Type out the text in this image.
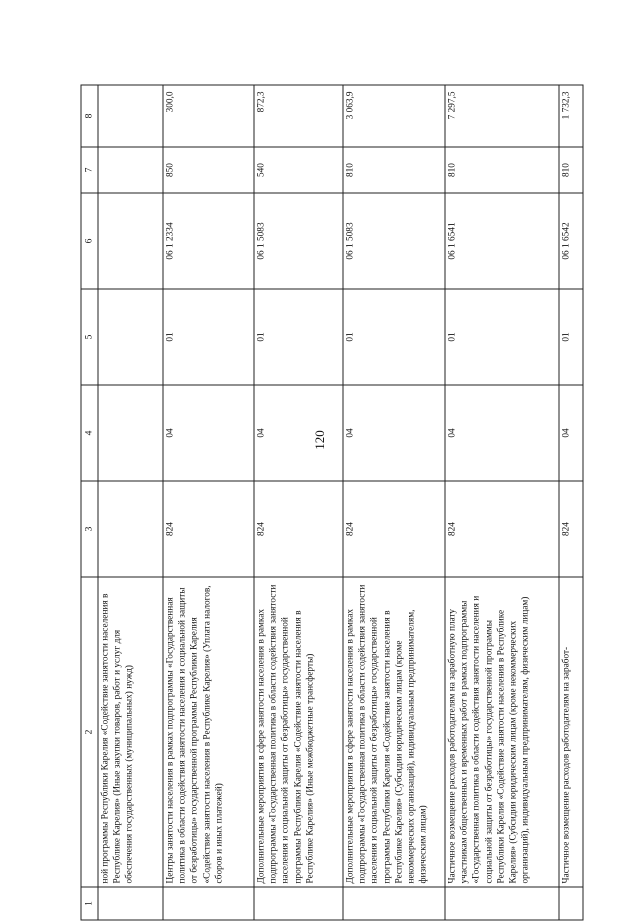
120
1	2	3	4	5	6	7	8
	ной программы Республики Карелия «Содействие занятости населения в Республике Карелия» (Иные закупки товаров, работ и услуг для обеспечения государственных (муниципальных) нужд)						
	Центры занятости населения в рамках подпрограммы «Государственная политика в области содействия занятости населения и социальной защиты от безработицы» государственной программы Республики Карелия «Содействие занятости населения в Республике Карелия» (Уплата налогов, сборов и иных платежей)	824	04	01	06 1 2334	850	300,0
	Дополнительные мероприятия в сфере занятости населения в рамках подпрограммы «Государственная политика в области содействия занятости населения и социальной защиты от безработицы» государственной программы Республики Карелия «Содействие занятости населения в Республике Карелия» (Иные межбюджетные трансферты)	824	04	01	06 1 5083	540	872,3
	Дополнительные мероприятия в сфере занятости населения в рамках подпрограммы «Государственная политика в области содействия занятости населения и социальной защиты от безработицы» государственной программы Республики Карелия «Содействие занятости населения в Республике Карелия» (Субсидии юридическим лицам (кроме некоммерческих организаций), индивидуальным предпринимателям, физическим лицам)	824	04	01	06 1 5083	810	3 063,9
	Частичное возмещение расходов работодателям на заработную плату участникам общественных и временных работ в рамках подпрограммы «Государственная политика в области содействия занятости населения и социальной защиты от безработицы» государственной программы Республики Карелия «Содействие занятости населения в Республике Карелия» (Субсидии юридическим лицам (кроме некоммерческих организаций), индивидуальным предпринимателям, физическим лицам)	824	04	01	06 1 6541	810	7 297,5
	Частичное возмещение расходов работодателям на заработ-	824	04	01	06 1 6542	810	1 732,3
